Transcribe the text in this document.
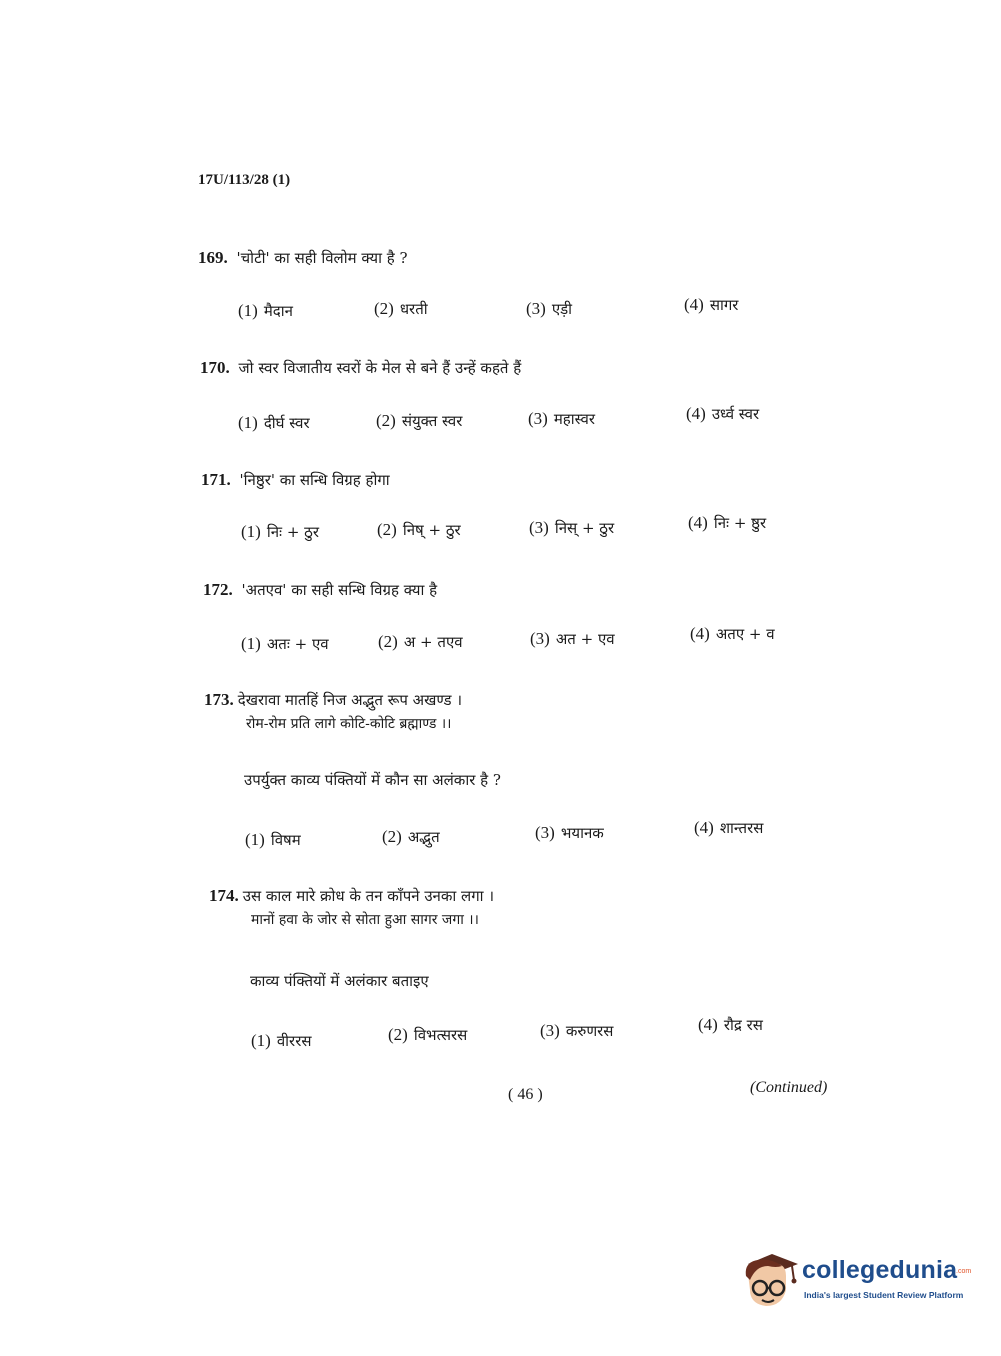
17U/113/28 (1)
169. 'चोटी' का सही विलोम क्या है ?
(1) मैदान	(2) धरती	(3) एड़ी	(4) सागर
170. जो स्वर विजातीय स्वरों के मेल से बने हैं उन्हें कहते हैं
(1) दीर्घ स्वर	(2) संयुक्त स्वर	(3) महास्वर	(4) उर्ध्व स्वर
171. 'निष्ठुर' का सन्धि विग्रह होगा
(1) निः + ठुर	(2) निष् + ठुर	(3) निस् + ठुर	(4) निः + ष्ठुर
172. 'अतएव' का सही सन्धि विग्रह क्या है
(1) अतः + एव	(2) अ + तएव	(3) अत + एव	(4) अतए + व
173. देखरावा मातहिं निज अद्भुत रूप अखण्ड ।
रोम-रोम प्रति लागे कोटि-कोटि ब्रह्माण्ड ।।
उपर्युक्त काव्य पंक्तियों में कौन सा अलंकार है ?
(1) विषम	(2) अद्भुत	(3) भयानक	(4) शान्तरस
174. उस काल मारे क्रोध के तन काँपने उनका लगा ।
मानों हवा के जोर से सोता हुआ सागर जगा ।।
काव्य पंक्तियों में अलंकार बताइए
(1) वीररस	(2) विभत्सरस	(3) करुणरस	(4) रौद्र रस
( 46 )	(Continued)
collegedunia
.com
India's largest Student Review Platform
